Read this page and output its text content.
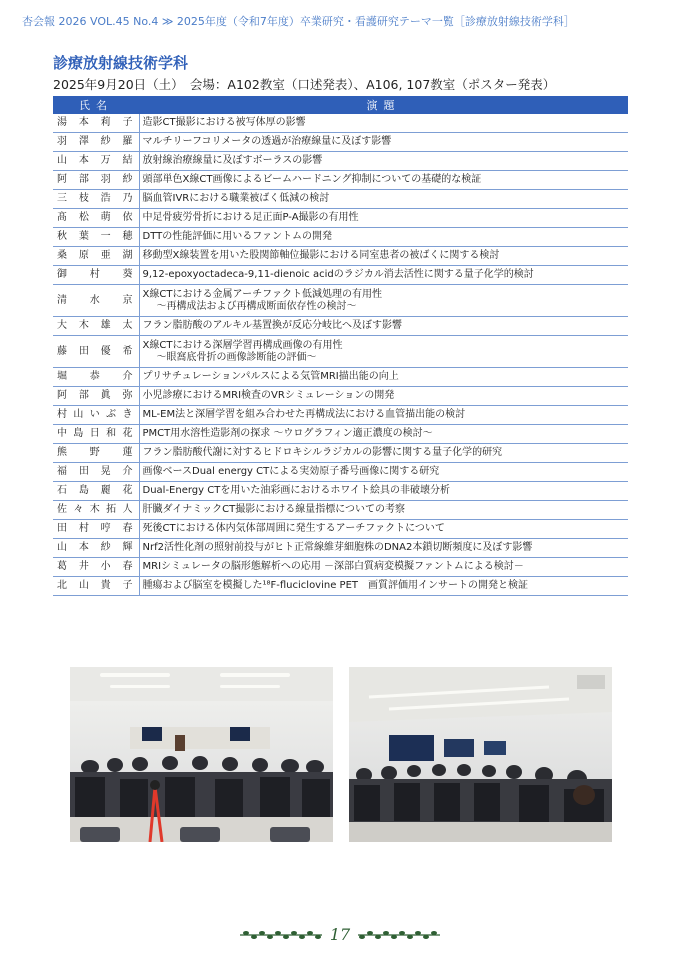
杏会報 2026 VOL.45 No.4 ≫ 2025年度（令和7年度）卒業研究・看護研究テーマ一覧［診療放射線技術学科］
診療放射線技術学科
2025年9月20日（土）　会場：A102教室（口述発表）、A106, 107教室（ポスター発表）
氏名	演題
湯本莉子	造影CT撮影における被写体厚の影響
羽澤紗羅	マルチリーフコリメータの透過が治療線量に及ぼす影響
山本万結	放射線治療線量に及ぼすボーラスの影響
阿部羽紗	頭部単色X線CT画像によるビームハードニング抑制についての基礎的な検証
三枝浩乃	脳血管IVRにおける職業被ばく低減の検討
髙松萌依	中足骨疲労骨折における足正面P-A撮影の有用性
秋葉一穂	DTTの性能評価に用いるファントムの開発
桑原亜湖	移動型X線装置を用いた股関節軸位撮影における同室患者の被ばくに関する検討
御村葵	9,12-epoxyoctadeca-9,11-dienoic acidのラジカル消去活性に関する量子化学的検討
清水京	X線CTにおける金属アーチファクト低減処理の有用性
～再構成法および再構成断面依存性の検討～

大木雄太	フラン脂肪酸のアルキル基置換が反応分岐比へ及ぼす影響
藤田優希	X線CTにおける深層学習再構成画像の有用性
～眼窩底骨折の画像診断能の評価～

堀恭介	プリサチュレーションパルスによる気管MRI描出能の向上
阿部眞弥	小児診療におけるMRI検査のVRシミュレーションの開発
村山いぶき	ML-EM法と深層学習を組み合わせた再構成法における血管描出能の検討
中島日和花	PMCT用水溶性造影剤の探求 ～ウログラフィン適正濃度の検討～
熊野蓮	フラン脂肪酸代謝に対するヒドロキシルラジカルの影響に関する量子化学的研究
福田晃介	画像ベースDual energy CTによる実効原子番号画像に関する研究
石島麗花	Dual-Energy CTを用いた油彩画におけるホワイト絵具の非破壊分析
佐々木拓人	肝臓ダイナミックCT撮影における線量指標についての考察
田村哼春	死後CTにおける体内気体部周囲に発生するアーチファクトについて
山本紗輝	Nrf2活性化剤の照射前投与がヒト正常線維芽細胞株のDNA2本鎖切断頻度に及ぼす影響
葛井小春	MRIシミュレータの脳形態解析への応用 －深部白質病変模擬ファントムによる検討－
北山貴子	腫瘍および脳室を模擬した¹⁸F-fluciclovine PET　画質評価用インサートの開発と検証
17
